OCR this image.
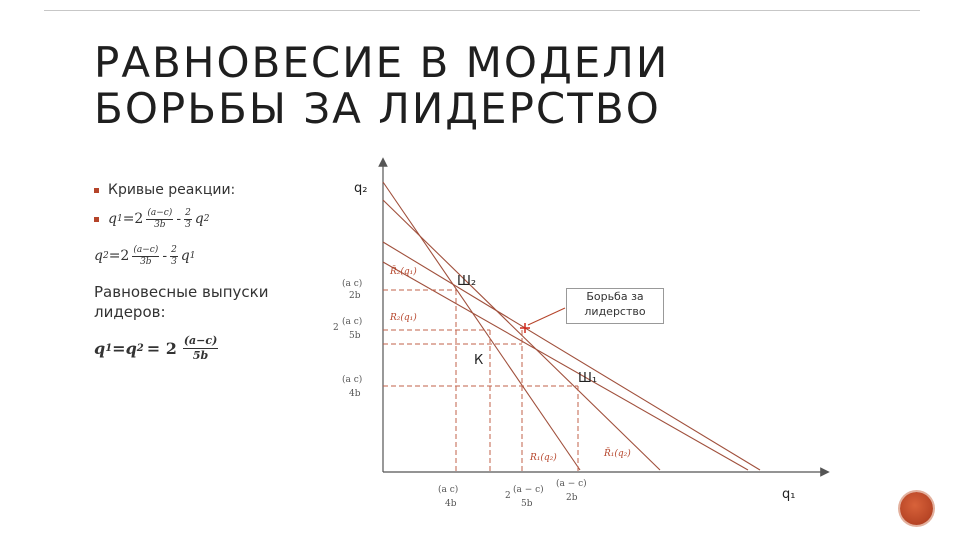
РАВНОВЕСИЕ В МОДЕЛИ
БОРЬБЫ ЗА ЛИДЕРСТВО
Кривые реакции:
q $1 =2 \frac{(a-c)}{3b} - \frac{2}{3}$ q 2
q $2 =2 \frac{(a-c)}{3b} - \frac{2}{3}$ q 1
Равновесные выпуски лидеров:
q 1 = q $2 = 2 \frac{(a-c)}{5b}$
q₂
q₁
Ш₂
Ш₁
К
R̄₂(q₁)
R₂(q₁)
R₁(q₂)	R̄₁(q₂)
(a c)
2b
2
(a c)
5b
(a c)
4b
(a c)
4b
2
(a − c)
5b
(a − c)
2b
Борьба за лидерство
